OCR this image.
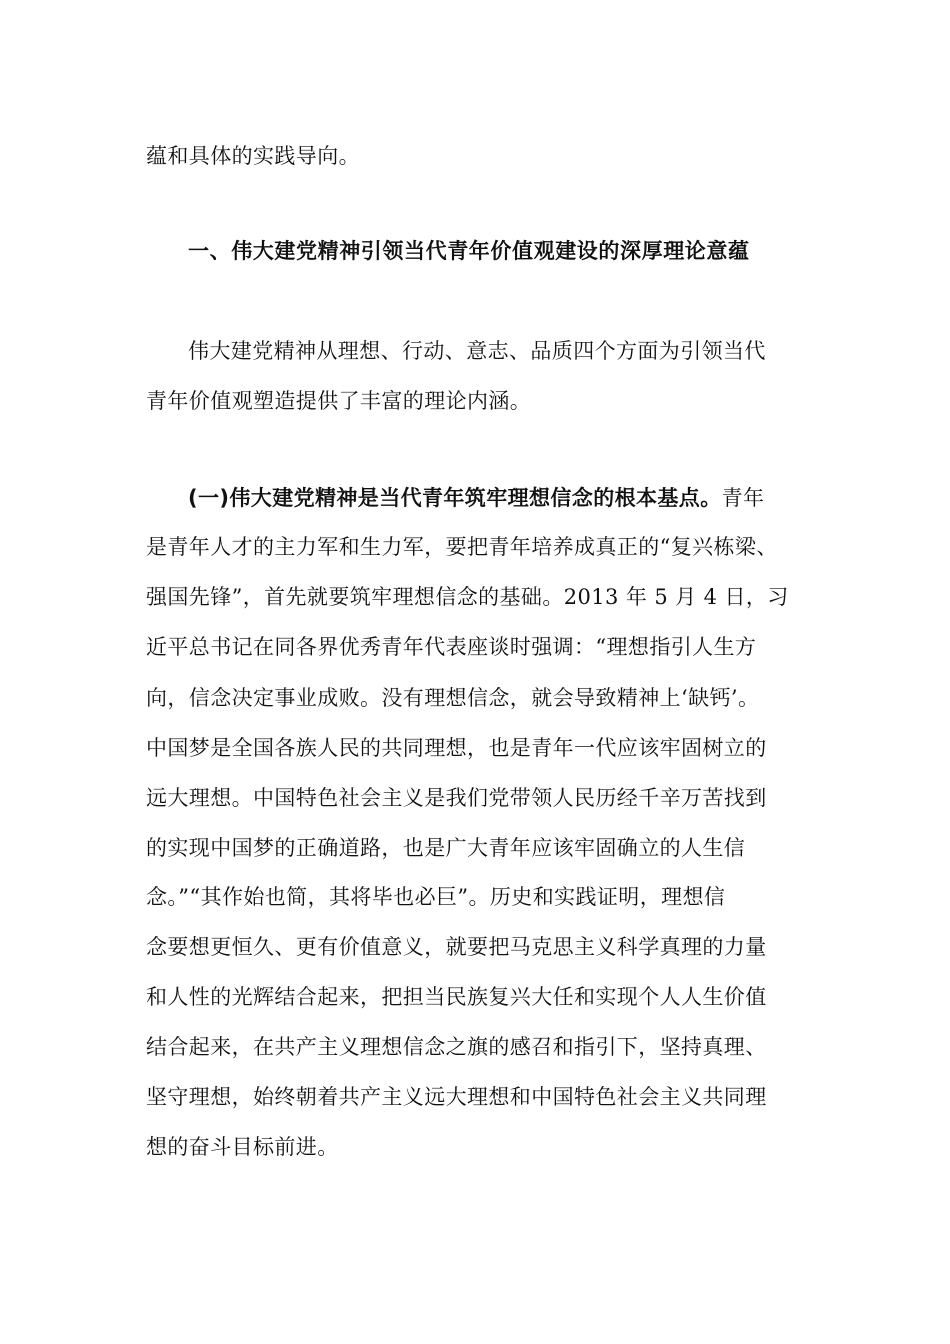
蕴和具体的实践导向。
一、伟大建党精神引领当代青年价值观建设的深厚理论意蕴
伟大建党精神从理想、行动、意志、品质四个方面为引领当代
青年价值观塑造提供了丰富的理论内涵。
(一)伟大建党精神是当代青年筑牢理想信念的根本基点。青年
是青年人才的主力军和生力军，要把青年培养成真正的“复兴栋梁、
强国先锋”，首先就要筑牢理想信念的基础。2013 年 5 月 4 日，习
近平总书记在同各界优秀青年代表座谈时强调：“理想指引人生方
向，信念决定事业成败。没有理想信念，就会导致精神上‘缺钙’。
中国梦是全国各族人民的共同理想，也是青年一代应该牢固树立的
远大理想。中国特色社会主义是我们党带领人民历经千辛万苦找到
的实现中国梦的正确道路，也是广大青年应该牢固确立的人生信
念。”“其作始也简，其将毕也必巨”。历史和实践证明，理想信
念要想更恒久、更有价值意义，就要把马克思主义科学真理的力量
和人性的光辉结合起来，把担当民族复兴大任和实现个人人生价值
结合起来，在共产主义理想信念之旗的感召和指引下，坚持真理、
坚守理想，始终朝着共产主义远大理想和中国特色社会主义共同理
想的奋斗目标前进。
